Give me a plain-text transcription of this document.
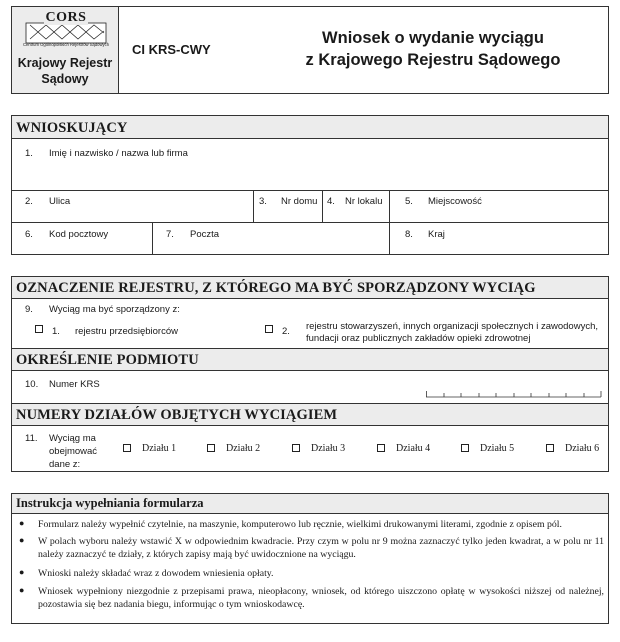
CORS
Centrum Ogólnopolskich Rejestrów Sądowych
Krajowy Rejestr
Sądowy
CI KRS-CWY
Wniosek o wydanie wyciągu
z Krajowego Rejestru Sądowego
WNIOSKUJĄCY
1. Imię i nazwisko / nazwa lub firma
2. Ulica	3. Nr domu 4. Nr lokalu 5. Miejscowość
6. Kod pocztowy	7. Poczta	8. Kraj
OZNACZENIE REJESTRU, Z KTÓREGO MA BYĆ SPORZĄDZONY WYCIĄG
9. Wyciąg ma być sporządzony z:
1. rejestru przedsiębiorców	2. rejestru stowarzyszeń, innych organizacji społecznych i zawodowych,
fundacji oraz publicznych zakładów opieki zdrowotnej
OKREŚLENIE PODMIOTU
10. Numer KRS
NUMERY DZIAŁÓW OBJĘTYCH WYCIĄGIEM
11. Wyciąg ma
obejmować
dane z:
Działu 1	Działu 2	Działu 3	Działu 4	Działu 5	Działu 6
Instrukcja wypełniania formularza
● Formularz należy wypełnić czytelnie, na maszynie, komputerowo lub ręcznie, wielkimi drukowanymi literami, zgodnie z opisem pól.
● W polach wyboru należy wstawić X w odpowiednim kwadracie. Przy czym w polu nr 9 można zaznaczyć tylko jeden kwadrat, a w polu nr 11 należy zaznaczyć te działy, z których zapisy mają być uwidocznione na wyciągu.
● Wnioski należy składać wraz z dowodem wniesienia opłaty.
● Wniosek wypełniony niezgodnie z przepisami prawa, nieopłacony, wniosek, od którego uiszczono opłatę w wysokości niższej od należnej, pozostawia się bez nadania biegu, informując o tym wnioskodawcę.
